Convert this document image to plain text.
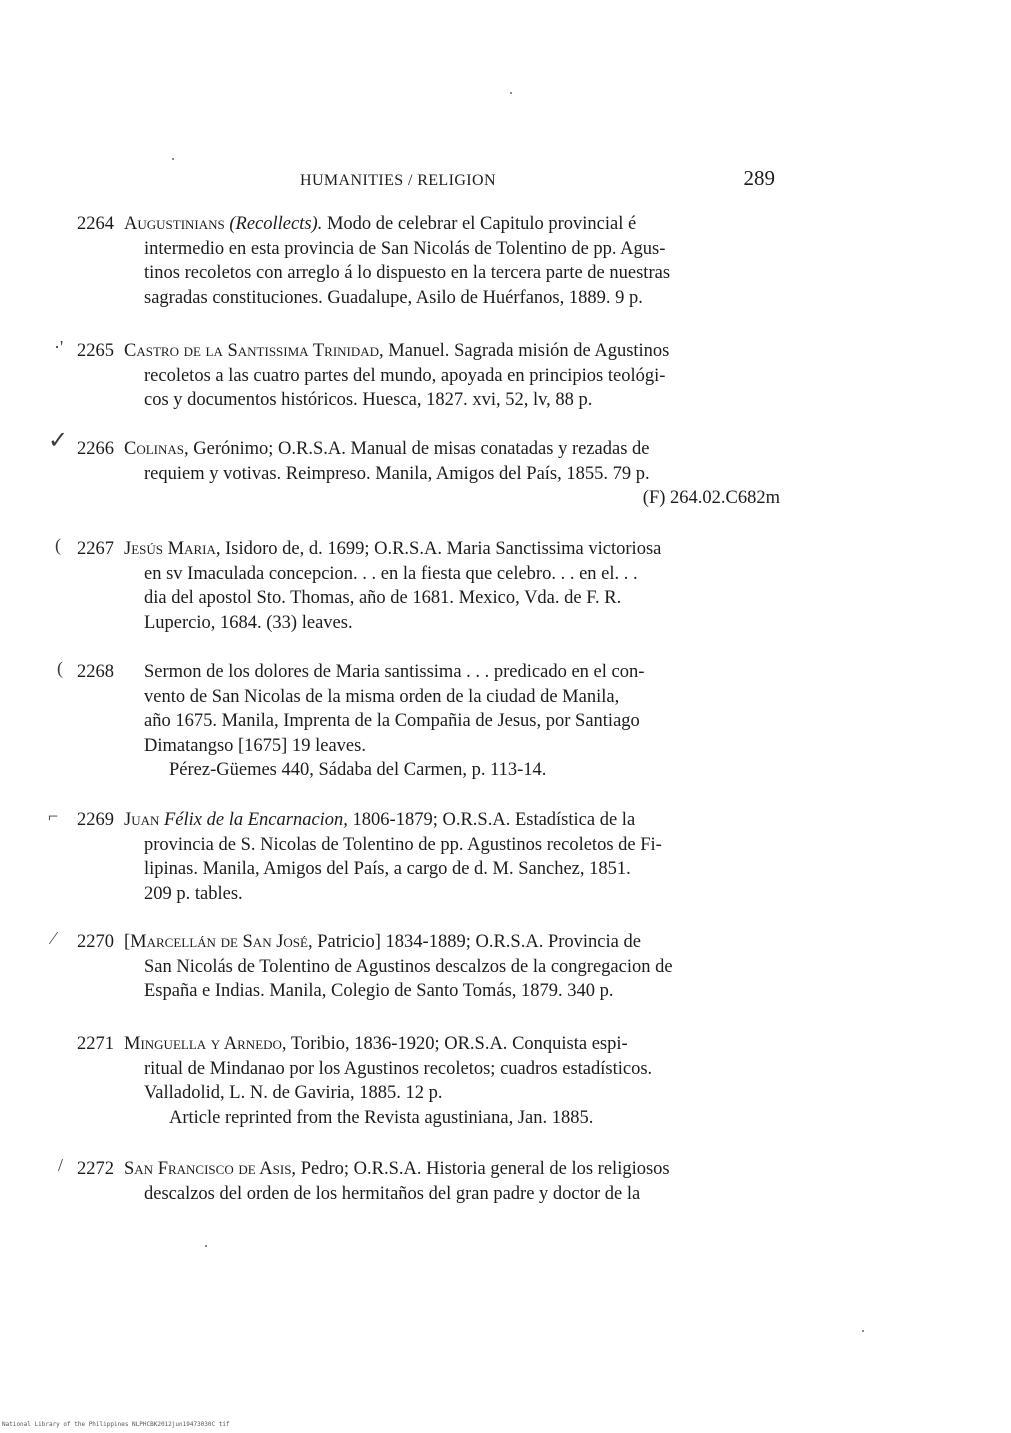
HUMANITIES / RELIGION	289
2264 Augustinians (Recollects). Modo de celebrar el Capitulo provincial é
intermedio en esta provincia de San Nicolás de Tolentino de pp. Agus-
tinos recoletos con arreglo á lo dispuesto en la tercera parte de nuestras
sagradas constituciones. Guadalupe, Asilo de Huérfanos, 1889. 9 p.
·' 2265 Castro de la Santissima Trinidad, Manuel. Sagrada misión de Agustinos
recoletos a las cuatro partes del mundo, apoyada en principios teológi-
cos y documentos históricos. Huesca, 1827. xvi, 52, lv, 88 p.
✓ 2266 Colinas, Gerónimo; O.R.S.A. Manual de misas conatadas y rezadas de
requiem y votivas. Reimpreso. Manila, Amigos del País, 1855. 79 p.
(F) 264.02.C682m
( 2267 Jesús Maria, Isidoro de, d. 1699; O.R.S.A. Maria Sanctissima victoriosa
en sv Imaculada concepcion. . . en la fiesta que celebro. . . en el. . .
dia del apostol Sto. Thomas, año de 1681. Mexico, Vda. de F. R.
Lupercio, 1684. (33) leaves.
( 2268	Sermon de los dolores de Maria santissima . . . predicado en el con-
vento de San Nicolas de la misma orden de la ciudad de Manila,
año 1675. Manila, Imprenta de la Compañia de Jesus, por Santiago
Dimatangso [1675] 19 leaves.
Pérez-Güemes 440, Sádaba del Carmen, p. 113-14.
⌐	2269 Juan Félix de la Encarnacion, 1806-1879; O.R.S.A. Estadística de la
provincia de S. Nicolas de Tolentino de pp. Agustinos recoletos de Fi-
lipinas. Manila, Amigos del País, a cargo de d. M. Sanchez, 1851.
209 p. tables.
⁄	2270 [Marcellán de San José, Patricio] 1834-1889; O.R.S.A. Provincia de
San Nicolás de Tolentino de Agustinos descalzos de la congregacion de
España e Indias. Manila, Colegio de Santo Tomás, 1879. 340 p.
2271 Minguella y Arnedo, Toribio, 1836-1920; OR.S.A. Conquista espi-
ritual de Mindanao por los Agustinos recoletos; cuadros estadísticos.
Valladolid, L. N. de Gaviria, 1885. 12 p.
Article reprinted from the Revista agustiniana, Jan. 1885.
/ 2272 San Francisco de Asis, Pedro; O.R.S.A. Historia general de los religiosos
descalzos del orden de los hermitaños del gran padre y doctor de la
National Library of the Philippines NLPHCBK2012jun19473030C tif
